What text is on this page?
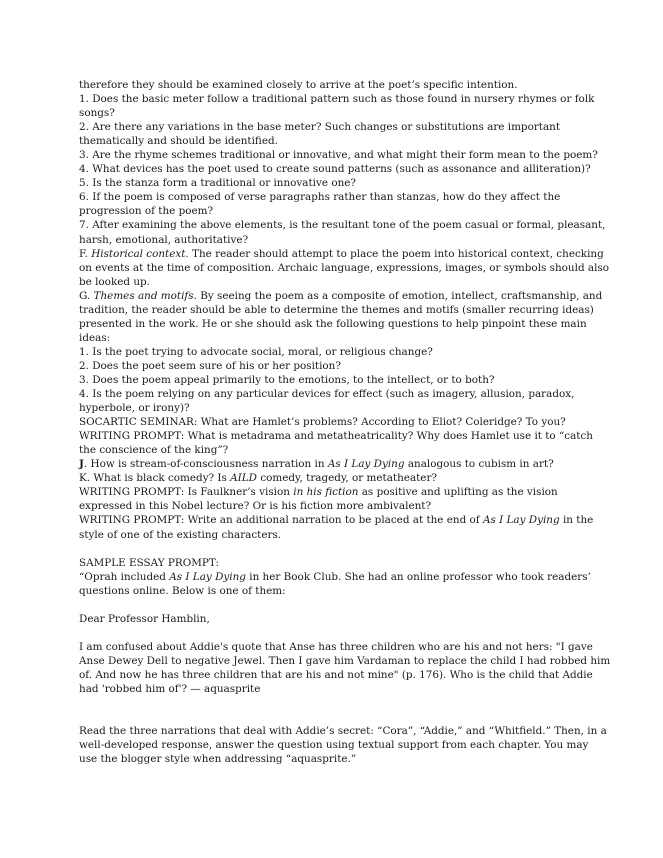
therefore they should be examined closely to arrive at the poet’s specific intention.
1. Does the basic meter follow a traditional pattern such as those found in nursery rhymes or folk
songs?
2. Are there any variations in the base meter? Such changes or substitutions are important
thematically and should be identified.
3. Are the rhyme schemes traditional or innovative, and what might their form mean to the poem?
4. What devices has the poet used to create sound patterns (such as assonance and alliteration)?
5. Is the stanza form a traditional or innovative one?
6. If the poem is composed of verse paragraphs rather than stanzas, how do they affect the
progression of the poem?
7. After examining the above elements, is the resultant tone of the poem casual or formal, pleasant,
harsh, emotional, authoritative?
F. Historical context. The reader should attempt to place the poem into historical context, checking
on events at the time of composition. Archaic language, expressions, images, or symbols should also
be looked up.
G. Themes and motifs. By seeing the poem as a composite of emotion, intellect, craftsmanship, and
tradition, the reader should be able to determine the themes and motifs (smaller recurring ideas)
presented in the work. He or she should ask the following questions to help pinpoint these main
ideas:
1. Is the poet trying to advocate social, moral, or religious change?
2. Does the poet seem sure of his or her position?
3. Does the poem appeal primarily to the emotions, to the intellect, or to both?
4. Is the poem relying on any particular devices for effect (such as imagery, allusion, paradox,
hyperbole, or irony)?
SOCARTIC SEMINAR: What are Hamlet’s problems? According to Eliot? Coleridge? To you?
WRITING PROMPT: What is metadrama and metatheatricality? Why does Hamlet use it to “catch
the conscience of the king”?
J. How is stream-of-consciousness narration in As I Lay Dying analogous to cubism in art?
K. What is black comedy? Is AILD comedy, tragedy, or metatheater?
WRITING PROMPT: Is Faulkner’s vision in his fiction as positive and uplifting as the vision
expressed in this Nobel lecture? Or is his fiction more ambivalent?
WRITING PROMPT: Write an additional narration to be placed at the end of As I Lay Dying in the
style of one of the existing characters.
SAMPLE ESSAY PROMPT:
“Oprah included As I Lay Dying in her Book Club. She had an online professor who took readers’
questions online. Below is one of them:
Dear Professor Hamblin,
I am confused about Addie's quote that Anse has three children who are his and not hers: "I gave
Anse Dewey Dell to negative Jewel. Then I gave him Vardaman to replace the child I had robbed him
of. And now he has three children that are his and not mine" (p. 176). Who is the child that Addie
had 'robbed him of'? — aquasprite
Read the three narrations that deal with Addie’s secret: “Cora”, “Addie,” and “Whitfield.” Then, in a
well-developed response, answer the question using textual support from each chapter. You may
use the blogger style when addressing “aquasprite.”
